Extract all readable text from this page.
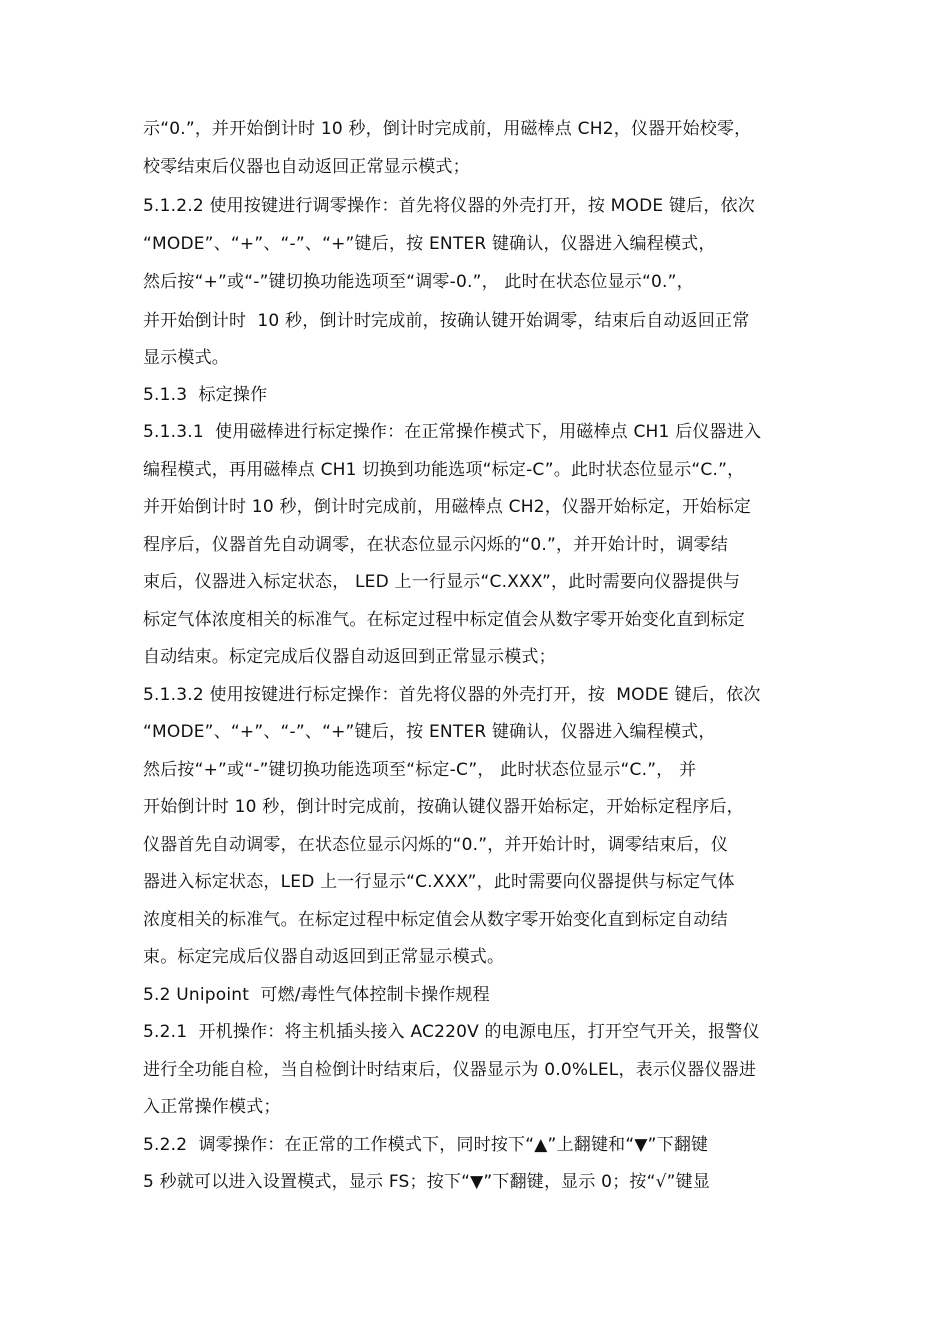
示“0.”，并开始倒计时 10 秒，倒计时完成前，用磁棒点 CH2，仪器开始校零，
校零结束后仪器也自动返回正常显示模式；
5.1.2.2 使用按键进行调零操作：首先将仪器的外壳打开，按 MODE 键后，依次
“MODE”、“+”、“-”、“+”键后，按 ENTER 键确认，仪器进入编程模式，
然后按“+”或“-”键切换功能选项至“调零-0.”， 此时在状态位显示“0.”，
并开始倒计时  10 秒，倒计时完成前，按确认键开始调零，结束后自动返回正常
显示模式。
5.1.3  标定操作
5.1.3.1  使用磁棒进行标定操作：在正常操作模式下，用磁棒点 CH1 后仪器进入
编程模式，再用磁棒点 CH1 切换到功能选项“标定-C”。此时状态位显示“C.”，
并开始倒计时 10 秒，倒计时完成前，用磁棒点 CH2，仪器开始标定，开始标定
程序后，仪器首先自动调零，在状态位显示闪烁的“0.”，并开始计时，调零结
束后，仪器进入标定状态， LED 上一行显示“C.XXX”，此时需要向仪器提供与
标定气体浓度相关的标准气。在标定过程中标定值会从数字零开始变化直到标定
自动结束。标定完成后仪器自动返回到正常显示模式；
5.1.3.2 使用按键进行标定操作：首先将仪器的外壳打开，按  MODE 键后，依次
“MODE”、“+”、“-”、“+”键后，按 ENTER 键确认，仪器进入编程模式，
然后按“+”或“-”键切换功能选项至“标定-C”， 此时状态位显示“C.”， 并
开始倒计时 10 秒，倒计时完成前，按确认键仪器开始标定，开始标定程序后，
仪器首先自动调零，在状态位显示闪烁的“0.”，并开始计时，调零结束后，仪
器进入标定状态，LED 上一行显示“C.XXX”，此时需要向仪器提供与标定气体
浓度相关的标准气。在标定过程中标定值会从数字零开始变化直到标定自动结
束。标定完成后仪器自动返回到正常显示模式。
5.2 Unipoint  可燃/毒性气体控制卡操作规程
5.2.1  开机操作：将主机插头接入 AC220V 的电源电压，打开空气开关，报警仪
进行全功能自检，当自检倒计时结束后，仪器显示为 0.0%LEL，表示仪器仪器进
入正常操作模式；
5.2.2  调零操作：在正常的工作模式下，同时按下“▲”上翻键和“▼”下翻键
5 秒就可以进入设置模式，显示 FS；按下“▼”下翻键，显示 0；按“√”键显
